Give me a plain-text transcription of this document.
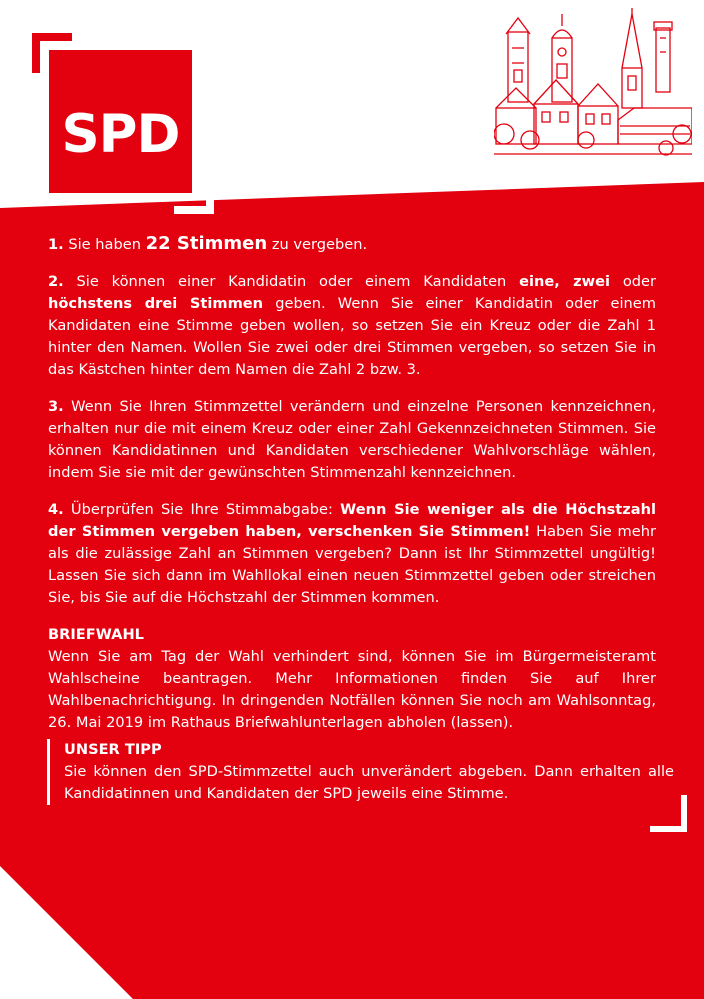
SPD

1. Sie haben 22 Stimmen zu vergeben.

2. Sie können einer Kandidatin oder einem Kandidaten eine, zwei oder höchstens drei Stimmen geben. Wenn Sie einer Kandidatin oder einem Kandidaten eine Stimme geben wollen, so setzen Sie ein Kreuz oder die Zahl 1 hinter den Namen. Wollen Sie zwei oder drei Stimmen vergeben, so setzen Sie in das Kästchen hinter dem Namen die Zahl 2 bzw. 3.

3. Wenn Sie Ihren Stimmzettel verändern und einzelne Personen kennzeichnen, erhalten nur die mit einem Kreuz oder einer Zahl Gekennzeichneten Stimmen. Sie können Kandidatinnen und Kandidaten verschiedener Wahlvorschläge wählen, indem Sie sie mit der gewünschten Stimmenzahl kennzeichnen.

4. Überprüfen Sie Ihre Stimmabgabe: Wenn Sie weniger als die Höchstzahl der Stimmen vergeben haben, verschenken Sie Stimmen! Haben Sie mehr als die zulässige Zahl an Stimmen vergeben? Dann ist Ihr Stimmzettel ungültig! Lassen Sie sich dann im Wahllokal einen neuen Stimmzettel geben oder streichen Sie, bis Sie auf die Höchstzahl der Stimmen kommen.

BRIEFWAHL

Wenn Sie am Tag der Wahl verhindert sind, können Sie im Bürgermeisteramt Wahlscheine beantragen. Mehr Informationen finden Sie auf Ihrer Wahlbenachrichtigung. In dringenden Notfällen können Sie noch am Wahlsonntag, 26. Mai 2019 im Rathaus Briefwahlunterlagen abholen (lassen).

UNSER TIPP

Sie können den SPD-Stimmzettel auch unverändert abgeben. Dann erhalten alle Kandidatinnen und Kandidaten der SPD jeweils eine Stimme.
